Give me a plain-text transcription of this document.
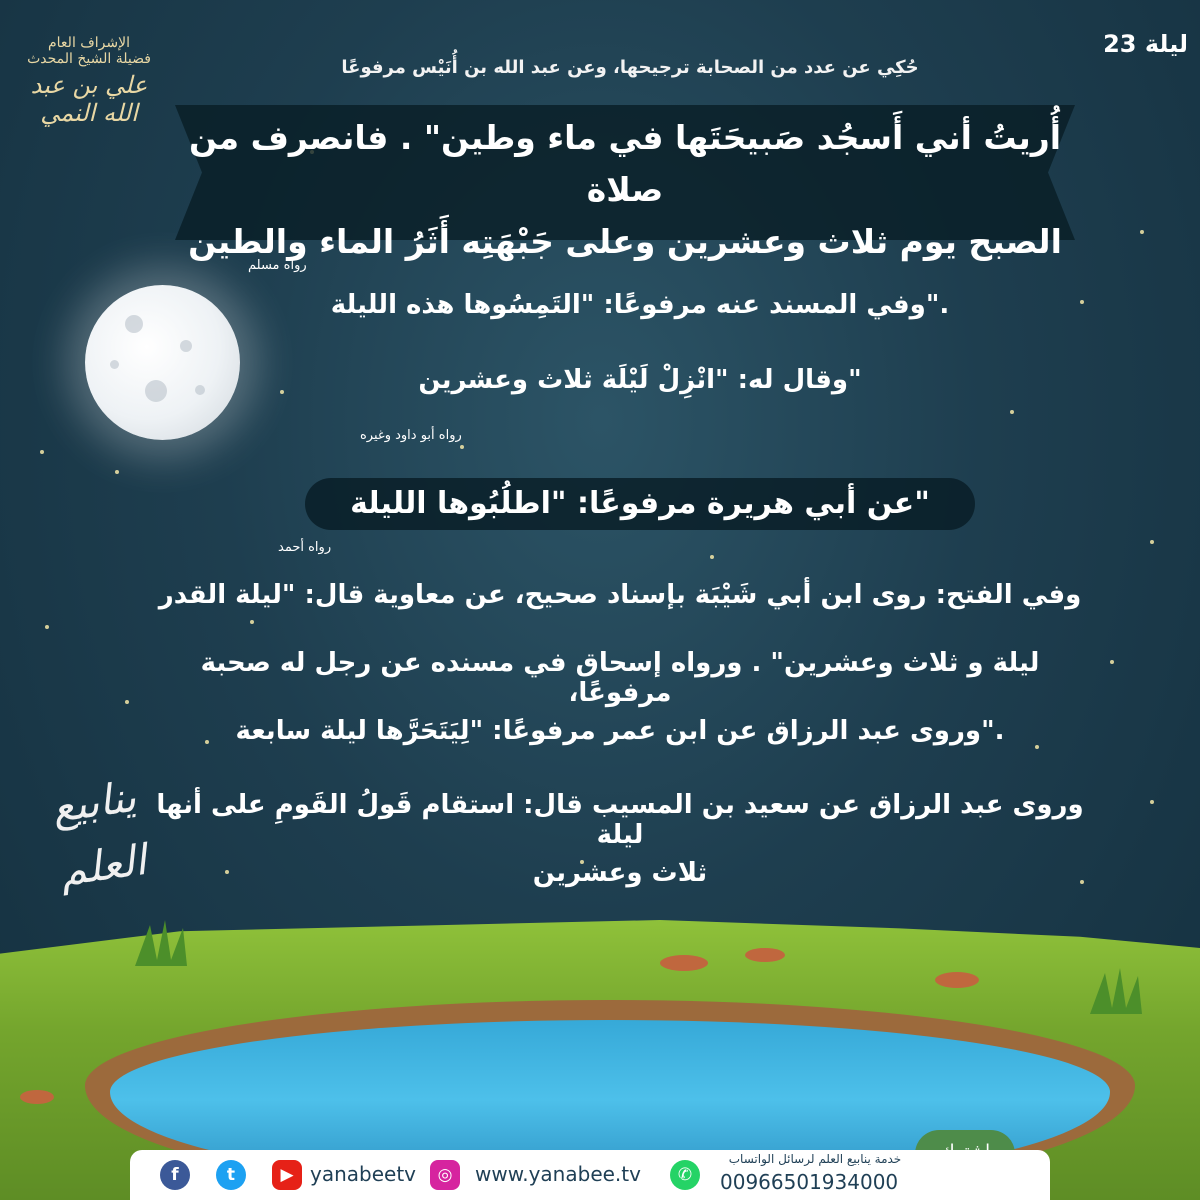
ليلة 23
حُكِي عن عدد من الصحابة ترجيحها، وعن عبد الله بن أُنَيْس مرفوعًا
الإشراف العام
فضيلة الشيخ المحدث
علي بن عبد الله النمي
أُريتُ أني أَسجُد صَبيحَتَها في ماء وطين" . فانصرف من صلاة
الصبح يوم ثلاث وعشرين وعلى جَبْهَتِه أَثَرُ الماء والطين
رواه مسلم
."وفي المسند عنه مرفوعًا: "التَمِسُوها هذه الليلة
"وقال له: "انْزِلْ لَيْلَة ثلاث وعشرين
رواه أبو داود وغيره
"عن أبي هريرة مرفوعًا: "اطلُبُوها الليلة
رواه أحمد
وفي الفتح: روى ابن أبي شَيْبَة بإسناد صحيح، عن معاوية قال: "ليلة القدر
ليلة و ثلاث وعشرين" . ورواه إسحاق في مسنده عن رجل له صحبة مرفوعًا،
."وروى عبد الرزاق عن ابن عمر مرفوعًا: "لِيَتَحَرَّها ليلة سابعة
وروى عبد الرزاق عن سعيد بن المسيب قال: استقام قَولُ القَومِ على أنها ليلة
ثلاث وعشرين
ينابيع العلم
f	t	▶ yanabeetv	◎	www.yanabee.tv	✆
خدمة ينابيع العلم لرسائل الواتساب
00966501934000
